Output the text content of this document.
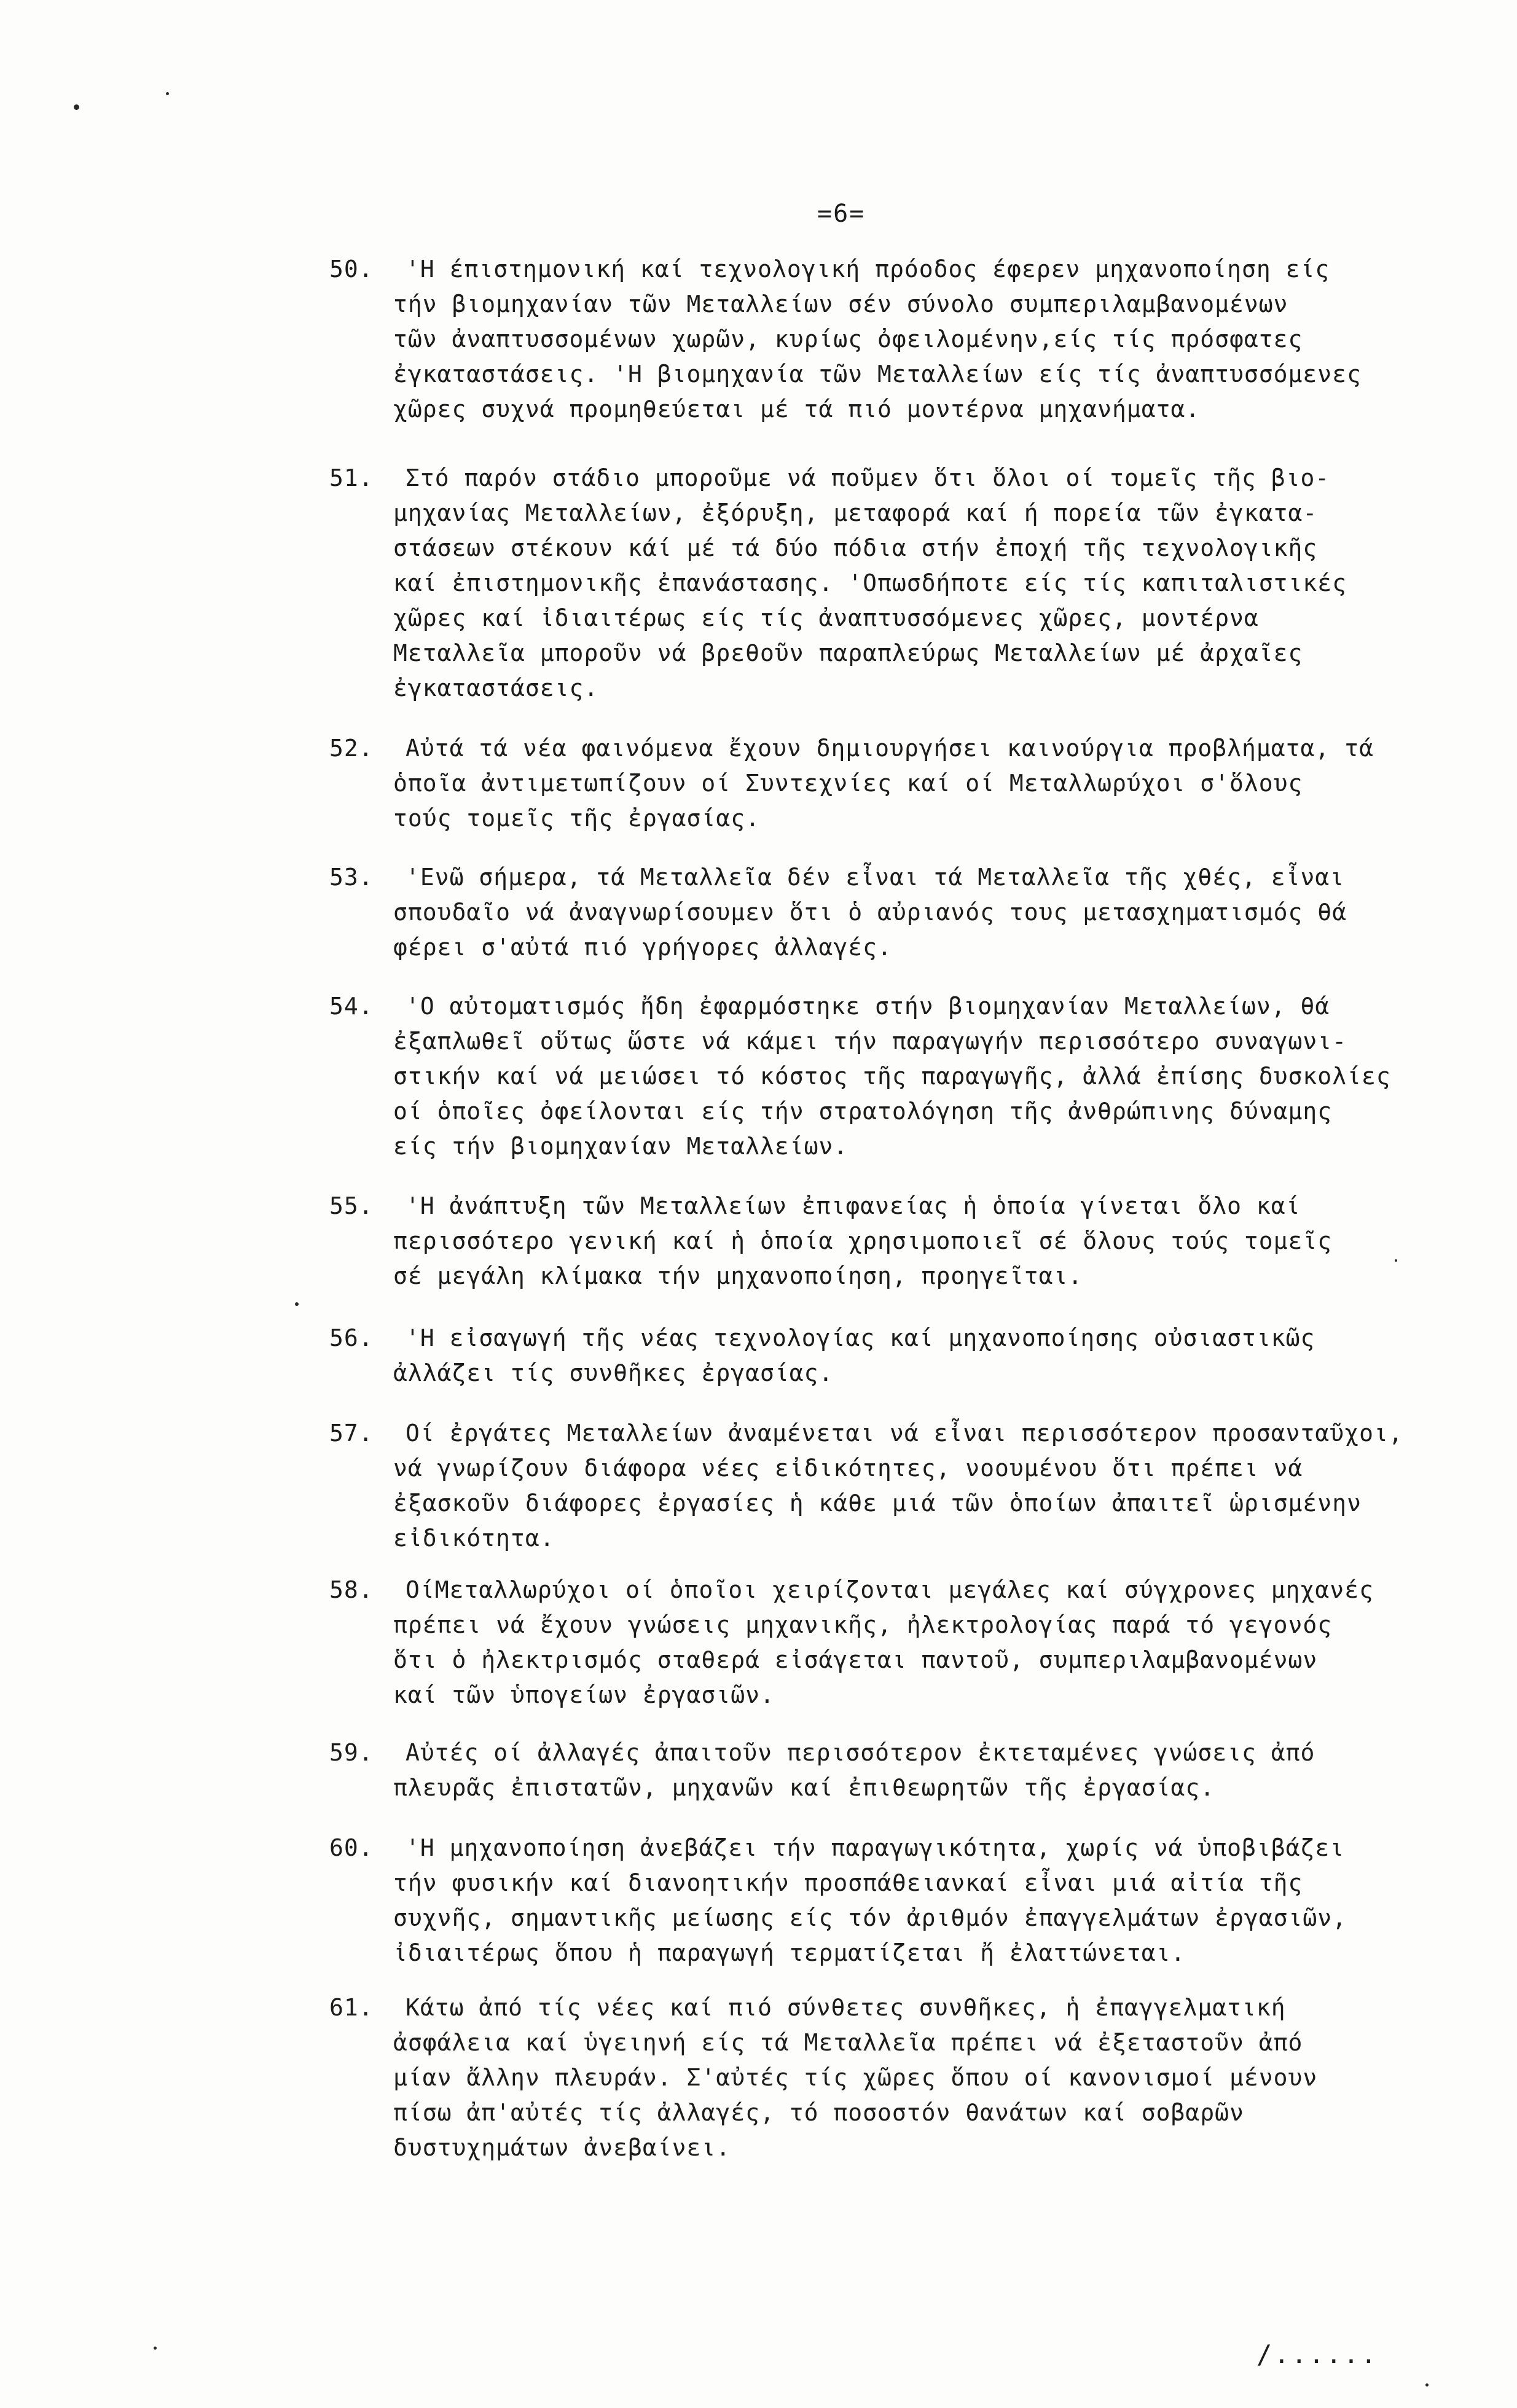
=6=
50.	'Η έπιστημονική καί τεχνολογική πρόοδος έφερεν μηχανοποίηση είς
τήν βιομηχανίαν τῶν Μεταλλείων σέν σύνολο συμπεριλαμβανομένων
τῶν ἀναπτυσσομένων χωρῶν, κυρίως ὀφειλομένην,είς τίς πρόσφατες
ἐγκαταστάσεις. 'Η βιομηχανία τῶν Μεταλλείων είς τίς ἀναπτυσσόμενες
χῶρες συχνά προμηθεύεται μέ τά πιό μοντέρνα μηχανήματα.
51.	Στό παρόν στάδιο μποροῦμε νά ποῦμεν ὅτι ὅλοι οί τομεῖς τῆς βιο-
μηχανίας Μεταλλείων, ἐξόρυξη, μεταφορά καί ή πορεία τῶν ἐγκατα-
στάσεων στέκουν κάί μέ τά δύο πόδια στήν ἐποχή τῆς τεχνολογικῆς
καί ἐπιστημονικῆς ἐπανάστασης. 'Οπωσδήποτε είς τίς καπιταλιστικές
χῶρες καί ἰδιαιτέρως είς τίς ἀναπτυσσόμενες χῶρες, μοντέρνα
Μεταλλεῖα μποροῦν νά βρεθοῦν παραπλεύρως Μεταλλείων μέ ἀρχαῖες
ἐγκαταστάσεις.
52.	Αὐτά τά νέα φαινόμενα ἔχουν δημιουργήσει καινούργια προβλήματα, τά
ὁποῖα ἀντιμετωπίζουν οί Συντεχνίες καί οί Μεταλλωρύχοι σ'ὅλους
τούς τομεῖς τῆς ἐργασίας.
53.	'Ενῶ σήμερα, τά Μεταλλεῖα δέν εἶναι τά Μεταλλεῖα τῆς χθές, εἶναι
σπουδαῖο νά ἀναγνωρίσουμεν ὅτι ὁ αὐριανός τους μετασχηματισμός θά
φέρει σ'αὐτά πιό γρήγορες ἀλλαγές.
54.	'Ο αὐτοματισμός ἤδη ἐφαρμόστηκε στήν βιομηχανίαν Μεταλλείων, θά
ἐξαπλωθεῖ οὕτως ὥστε νά κάμει τήν παραγωγήν περισσότερο συναγωνι-
στικήν καί νά μειώσει τό κόστος τῆς παραγωγῆς, ἀλλά ἐπίσης δυσκολίες
οί ὁποῖες ὀφείλονται είς τήν στρατολόγηση τῆς ἀνθρώπινης δύναμης
είς τήν βιομηχανίαν Μεταλλείων.
55.	'Η ἀνάπτυξη τῶν Μεταλλείων ἐπιφανείας ἡ ὁποία γίνεται ὅλο καί
περισσότερο γενική καί ἡ ὁποία χρησιμοποιεῖ σέ ὅλους τούς τομεῖς
σέ μεγάλη κλίμακα τήν μηχανοποίηση, προηγεῖται.
56.	'Η εἰσαγωγή τῆς νέας τεχνολογίας καί μηχανοποίησης οὐσιαστικῶς
ἀλλάζει τίς συνθῆκες ἐργασίας.
57.	Οί ἐργάτες Μεταλλείων ἀναμένεται νά εἶναι περισσότερον προσανταῦχοι,
νά γνωρίζουν διάφορα νέες εἰδικότητες, νοουμένου ὅτι πρέπει νά
ἐξασκοῦν διάφορες ἐργασίες ἡ κάθε μιά τῶν ὁποίων ἀπαιτεῖ ὡρισμένην
εἰδικότητα.
58.	ΟίΜεταλλωρύχοι οί ὁποῖοι χειρίζονται μεγάλες καί σύγχρονες μηχανές
πρέπει νά ἔχουν γνώσεις μηχανικῆς, ἠλεκτρολογίας παρά τό γεγονός
ὅτι ὁ ἠλεκτρισμός σταθερά εἰσάγεται παντοῦ, συμπεριλαμβανομένων
καί τῶν ὑπογείων ἐργασιῶν.
59.	Αὐτές οί ἀλλαγές ἀπαιτοῦν περισσότερον ἐκτεταμένες γνώσεις ἀπό
πλευρᾶς ἐπιστατῶν, μηχανῶν καί ἐπιθεωρητῶν τῆς ἐργασίας.
60.	'Η μηχανοποίηση ἀνεβάζει τήν παραγωγικότητα, χωρίς νά ὑποβιβάζει
τήν φυσικήν καί διανοητικήν προσπάθειανκαί εἶναι μιά αἰτία τῆς
συχνῆς, σημαντικῆς μείωσης είς τόν ἀριθμόν ἐπαγγελμάτων ἐργασιῶν,
ἰδιαιτέρως ὅπου ἡ παραγωγή τερματίζεται ἤ ἐλαττώνεται.
61.	Κάτω ἀπό τίς νέες καί πιό σύνθετες συνθῆκες, ἡ ἐπαγγελματική
ἀσφάλεια καί ὑγειηνή είς τά Μεταλλεῖα πρέπει νά ἐξεταστοῦν ἀπό
μίαν ἄλλην πλευράν. Σ'αὐτές τίς χῶρες ὅπου οί κανονισμοί μένουν
πίσω ἀπ'αὐτές τίς ἀλλαγές, τό ποσοστόν θανάτων καί σοβαρῶν
δυστυχημάτων ἀνεβαίνει.
/......
